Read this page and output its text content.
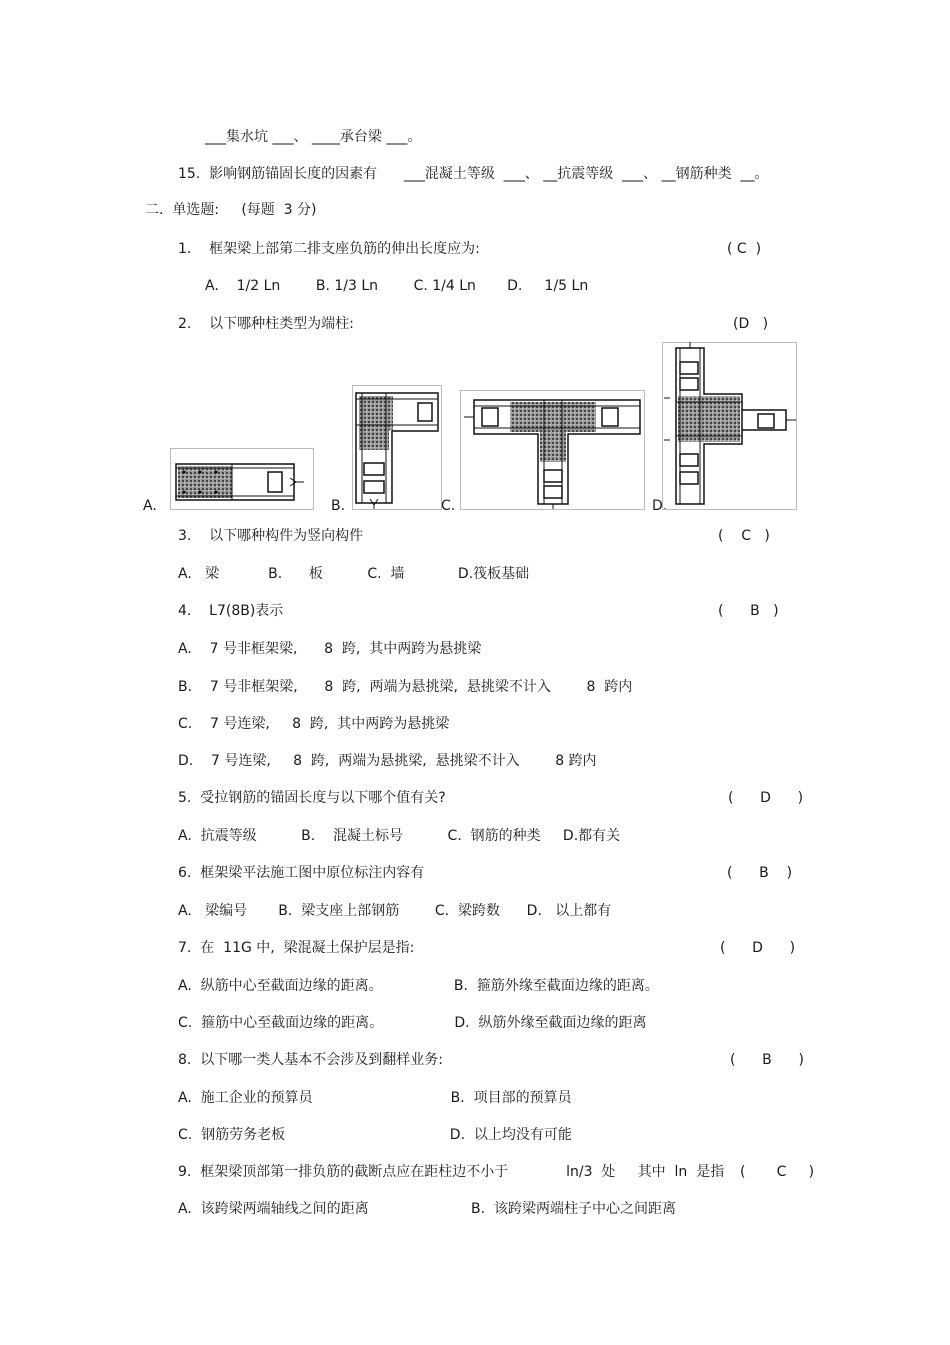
___集水坑 ___、 ____承台梁 ___。
15.  影响钢筋锚固长度的因素有      ___混凝土等级  ___、 __抗震等级  ___、 __钢筋种类  __。
二.  单选题:     (每题  3 分)
1.    框架梁上部第二排支座负筋的伸出长度应为:	( C  )
A.    1/2 Ln        B. 1/3 Ln        C. 1/4 Ln       D.     1/5 Ln
2.    以下哪种柱类型为端柱:	(D   )
A.	B.	C.	D.
3.    以下哪种构件为竖向构件	(    C   )
A.   梁           B.      板          C.  墙            D.筏板基础
4.    L7(8B)表示	(      B   )
A.    7 号非框架梁,      8  跨,  其中两跨为悬挑梁
B.    7 号非框架梁,      8  跨,  两端为悬挑梁,  悬挑梁不计入        8  跨内
C.    7 号连梁,     8  跨,  其中两跨为悬挑梁
D.    7 号连梁,     8  跨,  两端为悬挑梁,  悬挑梁不计入        8 跨内
5.  受拉钢筋的锚固长度与以下哪个值有关?	(      D      )
A.  抗震等级          B.    混凝土标号          C.  钢筋的种类     D.都有关
6.  框架梁平法施工图中原位标注内容有	(      B    )
A.   梁编号       B.  梁支座上部钢筋        C.  梁跨数      D.   以上都有
7.  在  11G 中,  梁混凝土保护层是指:	(      D      )
A.  纵筋中心至截面边缘的距离。                B.  箍筋外缘至截面边缘的距离。
C.  箍筋中心至截面边缘的距离。                D.  纵筋外缘至截面边缘的距离
8.  以下哪一类人基本不会涉及到翻样业务:	(      B      )
A.  施工企业的预算员                               B.  项目部的预算员
C.  钢筋劳务老板                                     D.  以上均没有可能
9.  框架梁顶部第一排负筋的截断点应在距柱边不小于             ln/3  处     其中  ln  是指 (       C     )
A.  该跨梁两端轴线之间的距离                       B.  该跨梁两端柱子中心之间距离
